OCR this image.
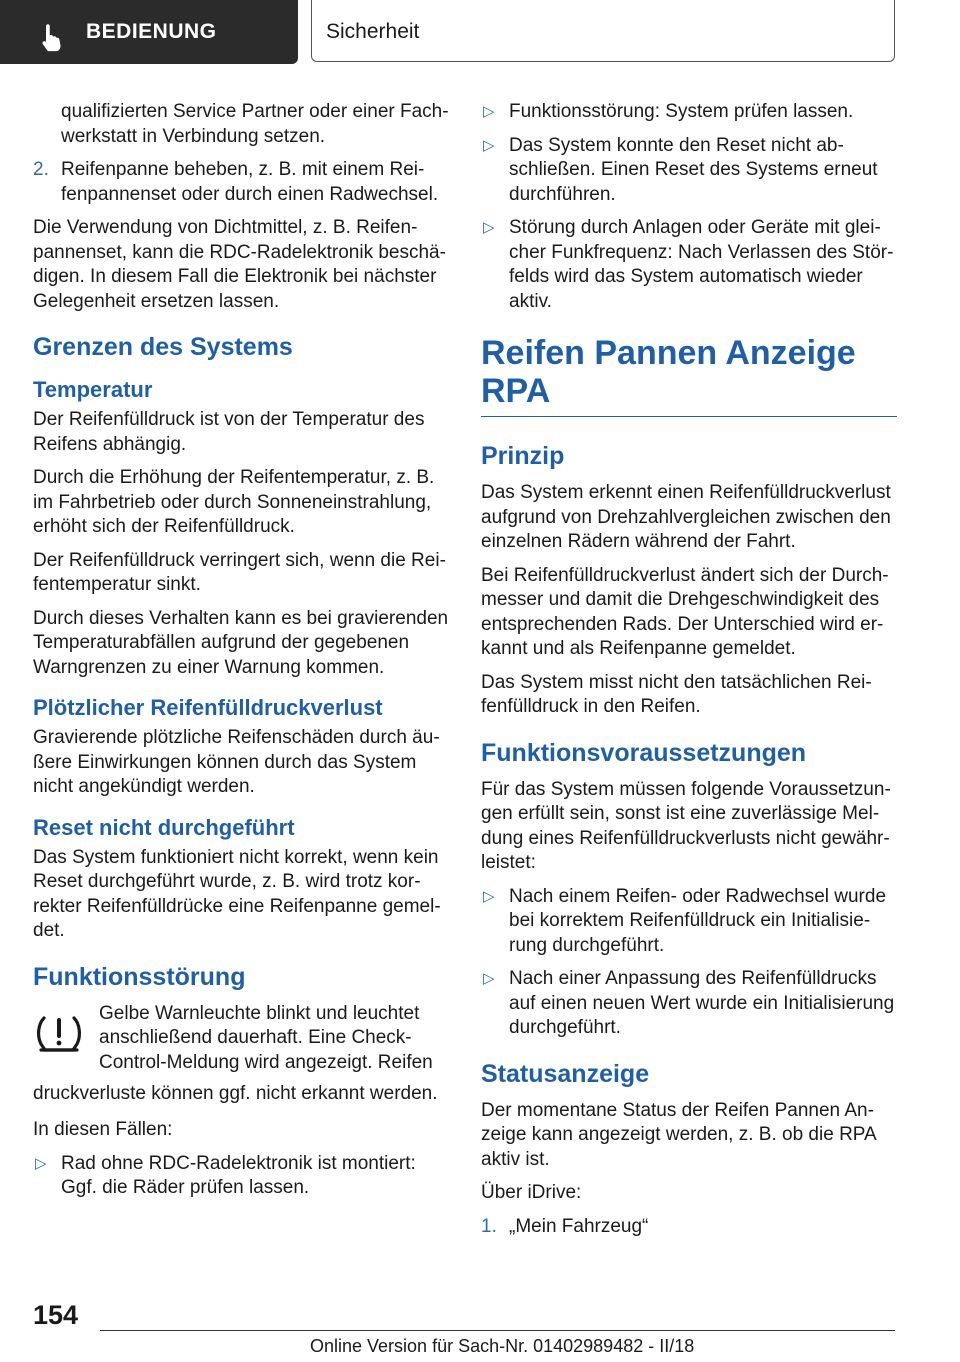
BEDIENUNG	Sicherheit

qualifizierten Service Partner oder einer Fachwerkstatt in Verbindung setzen.

2. Reifenpanne beheben, z. B. mit einem Reifenpannenset oder durch einen Radwechsel.

Die Verwendung von Dichtmittel, z. B. Reifenpannenset, kann die RDC-Radelektronik beschädigen. In diesem Fall die Elektronik bei nächster Gelegenheit ersetzen lassen.

Grenzen des Systems
Temperatur

Der Reifenfülldruck ist von der Temperatur des Reifens abhängig.

Durch die Erhöhung der Reifentemperatur, z. B. im Fahrbetrieb oder durch Sonneneinstrahlung, erhöht sich der Reifenfülldruck.

Der Reifenfülldruck verringert sich, wenn die Reifentemperatur sinkt.

Durch dieses Verhalten kann es bei gravierenden Temperaturabfällen aufgrund der gegebenen Warngrenzen zu einer Warnung kommen.

Plötzlicher Reifenfülldruckverlust

Gravierende plötzliche Reifenschäden durch äußere Einwirkungen können durch das System nicht angekündigt werden.

Reset nicht durchgeführt

Das System funktioniert nicht korrekt, wenn kein Reset durchgeführt wurde, z. B. wird trotz korrekter Reifenfülldrücke eine Reifenpanne gemeldet.

Funktionsstörung

Gelbe Warnleuchte blinkt und leuchtet anschließend dauerhaft. Eine Check-Control-Meldung wird angezeigt. Reifen

druckverluste können ggf. nicht erkannt werden.

In diesen Fällen:

▷ Rad ohne RDC-Radelektronik ist montiert: Ggf. die Räder prüfen lassen.
▷ Funktionsstörung: System prüfen lassen.
▷ Das System konnte den Reset nicht abschließen. Einen Reset des Systems erneut durchführen.
▷ Störung durch Anlagen oder Geräte mit gleicher Funkfrequenz: Nach Verlassen des Störfelds wird das System automatisch wieder aktiv.
Reifen Pannen Anzeige RPA
Prinzip

Das System erkennt einen Reifenfülldruckverlust aufgrund von Drehzahlvergleichen zwischen den einzelnen Rädern während der Fahrt.

Bei Reifenfülldruckverlust ändert sich der Durchmesser und damit die Drehgeschwindigkeit des entsprechenden Rads. Der Unterschied wird erkannt und als Reifenpanne gemeldet.

Das System misst nicht den tatsächlichen Reifenfülldruck in den Reifen.

Funktionsvoraussetzungen

Für das System müssen folgende Voraussetzungen erfüllt sein, sonst ist eine zuverlässige Meldung eines Reifenfülldruckverlusts nicht gewährleistet:

▷ Nach einem Reifen- oder Radwechsel wurde bei korrektem Reifenfülldruck ein Initialisierung durchgeführt.
▷ Nach einer Anpassung des Reifenfülldrucks auf einen neuen Wert wurde ein Initialisierung durchgeführt.
Statusanzeige

Der momentane Status der Reifen Pannen Anzeige kann angezeigt werden, z. B. ob die RPA aktiv ist.

Über iDrive:

1. „Mein Fahrzeug“
154
Online Version für Sach-Nr. 01402989482 - II/18
